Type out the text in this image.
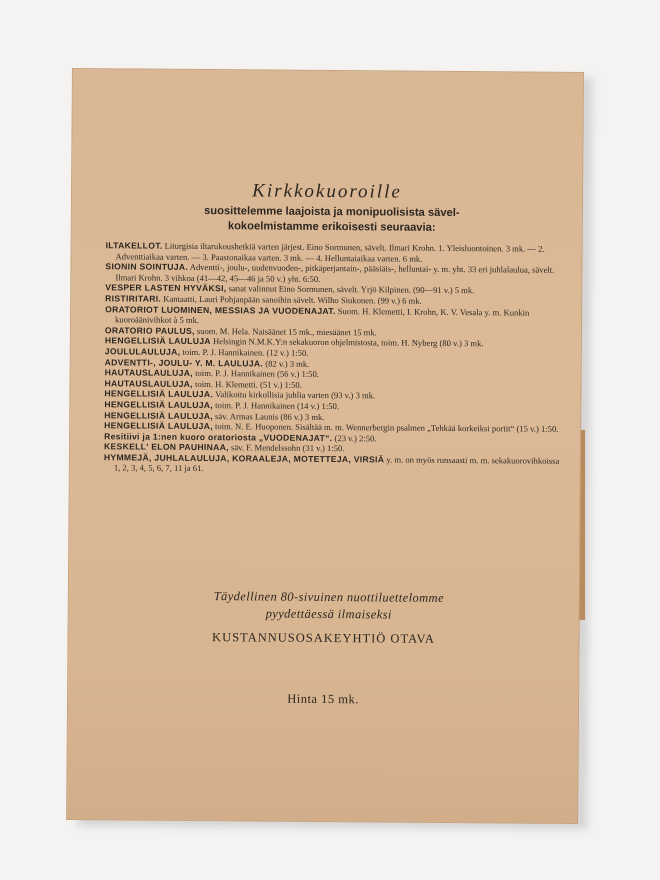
Kirkkokuoroille
suosittelemme laajoista ja monipuolisista sävel-
kokoelmistamme erikoisesti seuraavia:

ILTAKELLOT. Liturgisia iltarukoushetkiä varten järjest. Eino Sormunen, sävelt. Ilmari Krohn. 1. Yleisluontoinen. 3 mk. — 2. Adventtiaikaa varten. — 3. Paastonaikaa varten. 3 mk. — 4. Helluntaiaikaa varten. 6 mk.

SIONIN SOINTUJA. Adventti-, joulu-, uudenvuoden-, pitkäperjantain-, pääsiäis-, helluntai- y. m. yht. 33 eri juhlalaulua, sävelt. Ilmari Krohn. 3 vihkoa (41—42, 45—46 ja 50 v.) yht. 6:50.

VESPER LASTEN HYVÄKSI, sanat valinnut Eino Sormunen, sävelt. Yrjö Kilpinen. (90—91 v.) 5 mk.

RISTIRITARI. Kantaatti, Lauri Pohjanpään sanoihin sävelt. Wilho Siukonen. (99 v.) 6 mk.

ORATORIOT LUOMINEN, MESSIAS JA VUODENAJAT. Suom. H. Klemetti, I. Krohn, K. V. Vesala y. m. Kunkin kuoroäänivihkot à 5 mk.

ORATORIO PAULUS, suom. M. Hela. Naisäänet 15 mk., miesäänet 15 mk.

HENGELLISIÄ LAULUJA Helsingin N.M.K.Y:n sekakuoron ohjelmistosta, toim. H. Nyberg (80 v.) 3 mk.

JOULULAULUJA, toim. P. J. Hannikainen. (12 v.) 1:50.

ADVENTTI-, JOULU- Y. M. LAULUJA. (82 v.) 3 mk.

HAUTAUSLAULUJA, toim. P. J. Hannikainen (56 v.) 1:50.

HAUTAUSLAULUJA, toim. H. Klemetti. (51 v.) 1:50.

HENGELLISIÄ LAULUJA. Valikoitu kirkollisia juhlia varten (93 v.) 3 mk.

HENGELLISIÄ LAULUJA, toim. P. J. Hannikainen (14 v.) 1:50.

HENGELLISIÄ LAULUJA, säv. Armas Launis (86 v.) 3 mk.

HENGELLISIÄ LAULUJA, toim. N. E. Huoponen. Sisältää m. m. Wennerbergin psalmen „Tehkää korkeiksi portit“ (15 v.) 1:50.

Resitiivi ja 1:nen kuoro oratoriosta „VUODENAJAT“. (23 v.) 2:50.

KESKELL' ELON PAUHINAA, säv. F. Mendelssohn (31 v.) 1:50.

HYMMEJÄ, JUHLALAULUJA, KORAALEJA, MOTETTEJA, VIRSIÄ y. m. on myös runsaasti m. m. sekakuorovihkoissa 1, 2, 3, 4, 5, 6, 7, 11 ja 61.

Täydellinen 80-sivuinen nuottiluettelomme
pyydettäessä ilmaiseksi
KUSTANNUSOSAKEYHTIÖ OTAVA
Hinta 15 mk.
